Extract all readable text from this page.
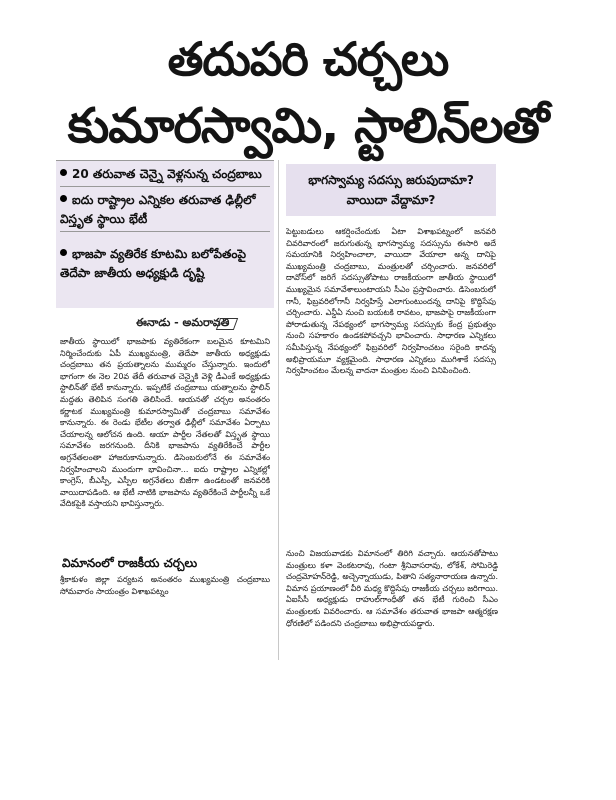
తదుపరి చర్చలు
కుమారస్వామి, స్టాలిన్‌లతో
20 తరువాత చెన్నై వెళ్లనున్న చంద్రబాబు
ఐదు రాష్ట్రాల ఎన్నికల తరువాత ఢిల్లీలో విస్తృత స్థాయి భేటీ
భాజపా వ్యతిరేక కూటమి బలోపేతంపై తెదేపా జాతీయ అధ్యక్షుడి దృష్టి

భాగస్వామ్య సదస్సు జరుపుదామా?

వాయిదా వేద్దామా?

ఈనాడు - అమరావతి
జాతీయ స్థాయిలో భాజపాకు వ్యతిరేకంగా బలమైన కూటమిని నిర్మించేందుకు ఏపీ ముఖ్యమంత్రి, తెదేపా జాతీయ అధ్యక్షుడు చంద్రబాబు తన ప్రయత్నాలను ముమ్మరం చేస్తున్నారు. ఇందులో భాగంగా ఈ నెల 20వ తేదీ తరువాత చెన్నైకి వెళ్లి డీఎంకే అధ్యక్షుడు స్టాలిన్‌తో భేటీ కానున్నారు. ఇప్పటికే చంద్రబాబు యత్నాలను స్టాలిన్ మద్దతు తెలిపిన సంగతి తెలిసిందే. ఆయనతో చర్చల అనంతరం కర్ణాటక ముఖ్యమంత్రి కుమారస్వామితో చంద్రబాబు సమావేశం కానున్నారు. ఈ రెండు భేటీల తర్వాత ఢిల్లీలో సమావేశం ఏర్పాటు చేయాలన్న ఆలోచన ఉంది. ఆయా పార్టీల నేతలతో విస్తృత స్థాయి సమావేశం జరగనుంది. దీనికి భాజపాను వ్యతిరేకించే పార్టీల అగ్రనేతలంతా హాజరుకానున్నారు. డిసెంబరులోనే ఈ సమావేశం నిర్వహించాలని ముందుగా భావించినా... ఐదు రాష్ట్రాల ఎన్నికల్లో కాంగ్రెస్, బీఎస్పీ, ఎస్పీల అగ్రనేతలు బిజీగా ఉండటంతో జనవరికి వాయిదాపడింది. ఆ భేటీ నాటికి భాజపాను వ్యతిరేకించే పార్టీలన్నీ ఒకే వేదికపైకి వస్తాయని భావిస్తున్నారు.
విమానంలో రాజకీయ చర్చలు
శ్రీకాకుళం జిల్లా పర్యటన అనంతరం ముఖ్యమంత్రి చంద్రబాబు సోమవారం సాయంత్రం విశాఖపట్నం
పెట్టుబడులు ఆకర్షించేందుకు ఏటా విశాఖపట్నంలో జనవరి చివరివారంలో జరుగుతున్న భాగస్వామ్య సదస్సును ఈసారి అదే సమయానికి నిర్వహించాలా, వాయిదా వేయాలా అన్న దానిపై ముఖ్యమంత్రి చంద్రబాబు, మంత్రులతో చర్చించారు. జనవరిలో దావోస్‌లో జరిగే సదస్సుతోపాటు రాజకీయంగా జాతీయ స్థాయిలో ముఖ్యమైన సమావేశాలుంటాయని సీఎం ప్రస్తావించారు. డిసెంబరులో గానీ, ఫిబ్రవరిలోగానీ నిర్వహిస్తే ఎలాగుంటుందన్న దానిపై కొద్దిసేపు చర్చించారు. ఎన్డీఏ నుంచి బయటకి రావటం, భాజపాపై రాజకీయంగా పోరాడుతున్న నేపథ్యంలో భాగస్వామ్య సదస్సుకు కేంద్ర ప్రభుత్వం నుంచి సహకారం ఉండకపోవచ్చని భావించారు. సాధారణ ఎన్నికలు సమీపిస్తున్న నేపథ్యంలో ఫిబ్రవరిలో నిర్వహించటం సరైంది కాదన్న అభిప్రాయమూ వ్యక్తమైంది. సాధారణ ఎన్నికలు ముగిశాకే సదస్సు నిర్వహించటం మేలన్న వాదనా మంత్రుల నుంచి వినిపించింది.
నుంచి విజయవాడకు విమానంలో తిరిగి వచ్చారు. ఆయనతోపాటు మంత్రులు కళా వెంకటరావు, గంటా శ్రీనివాసరావు, లోకేశ్, సోమిరెడ్డి చంద్రమోహన్‌రెడ్డి, అచ్చెన్నాయుడు, పితాని సత్యనారాయణ ఉన్నారు. విమాన ప్రయాణంలో వీరి మధ్య కొద్దిసేపు రాజకీయ చర్చలు జరిగాయి. ఏఐసీసీ అధ్యక్షుడు రాహుల్‌గాంధీతో తన భేటీ గురించి సీఎం మంత్రులకు వివరించారు. ఆ సమావేశం తరువాత భాజపా ఆత్మరక్షణ ధోరణిలో పడిందని చంద్రబాబు అభిప్రాయపడ్డారు.
